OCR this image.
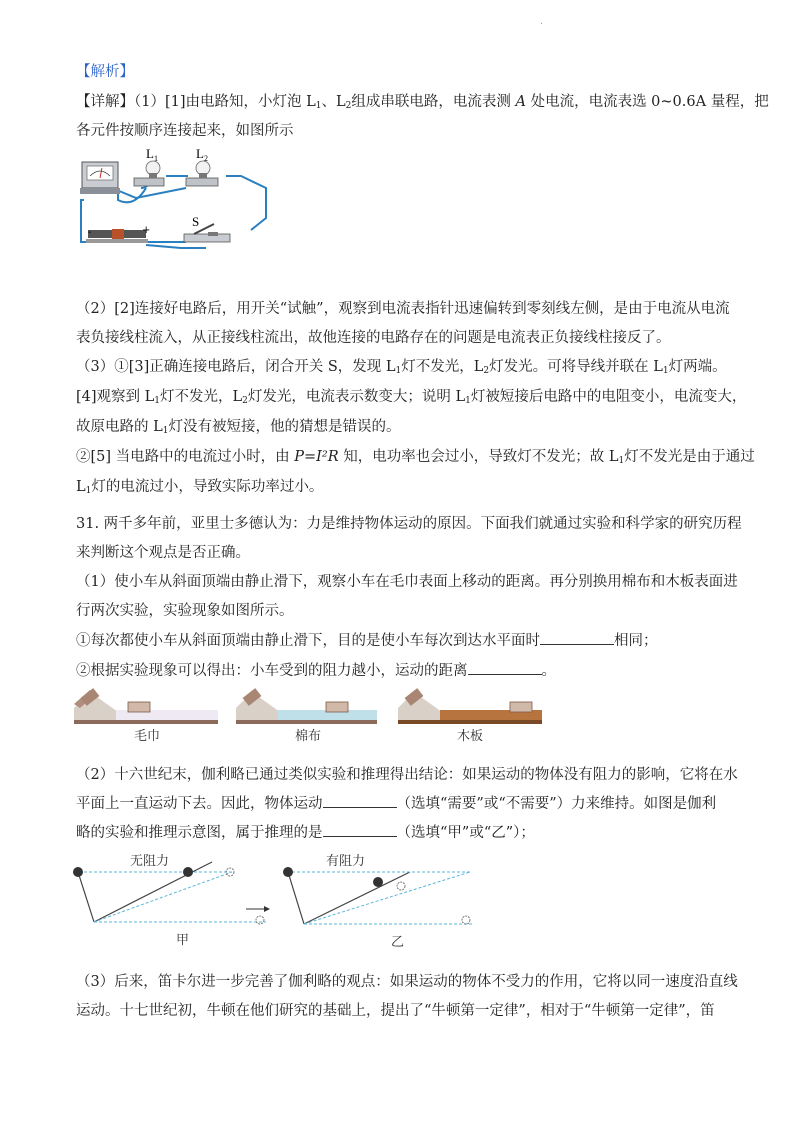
.
【解析】
【详解】（1）[1]由电路知，小灯泡 $L_1$、$L_2$组成串联电路，电流表测 A 处电流，电流表选 0~0.6A 量程，把
各元件按顺序连接起来，如图所示
$L_1$	$L_2$
S
-	+
（2）[2]连接好电路后，用开关“试触”，观察到电流表指针迅速偏转到零刻线左侧，是由于电流从电流
表负接线柱流入，从正接线柱流出，故他连接的电路存在的问题是电流表正负接线柱接反了。
（3）①[3]正确连接电路后，闭合开关 S，发现 $L_1$灯不发光，$L_2$灯发光。可将导线并联在 $L_1$灯两端。
[4]观察到 $L_1$灯不发光，$L_2$灯发光，电流表示数变大；说明 $L_1$灯被短接后电路中的电阻变小，电流变大，
故原电路的 $L_1$灯没有被短接，他的猜想是错误的。
②[5] 当电路中的电流过小时，由 P=I²R 知，电功率也会过小，导致灯不发光；故 $L_1$灯不发光是由于通过
$L_1$灯的电流过小，导致实际功率过小。
31. 两千多年前，亚里士多德认为：力是维持物体运动的原因。下面我们就通过实验和科学家的研究历程
来判断这个观点是否正确。
（1）使小车从斜面顶端由静止滑下，观察小车在毛巾表面上移动的距离。再分别换用棉布和木板表面进
行两次实验，实验现象如图所示。
①每次都使小车从斜面顶端由静止滑下，目的是使小车每次到达水平面时	相同；
②根据实验现象可以得出：小车受到的阻力越小，运动的距离	。
毛巾	棉布	木板
（2）十六世纪末，伽利略已通过类似实验和推理得出结论：如果运动的物体没有阻力的影响，它将在水
平面上一直运动下去。因此，物体运动	（选填“需要”或“不需要”）力来维持。如图是伽利
略的实验和推理示意图，属于推理的是	（选填“甲”或“乙”）；
无阻力	有阻力
甲	乙
（3）后来，笛卡尔进一步完善了伽利略的观点：如果运动的物体不受力的作用，它将以同一速度沿直线
运动。十七世纪初，牛顿在他们研究的基础上，提出了“牛顿第一定律”，相对于“牛顿第一定律”，笛
